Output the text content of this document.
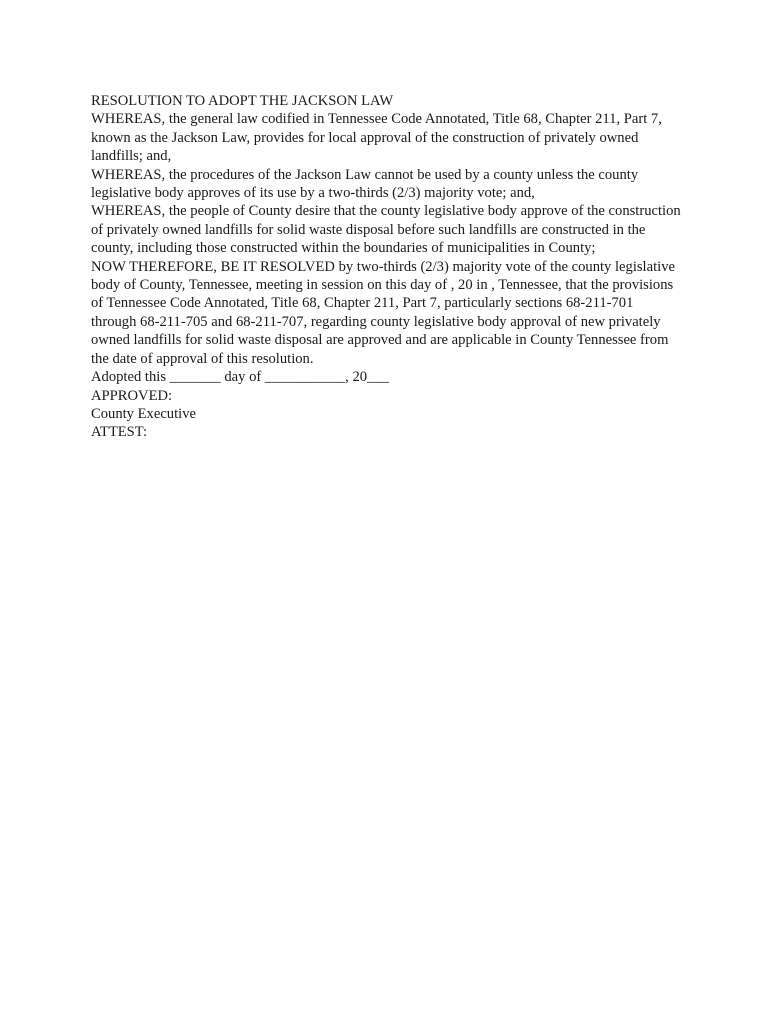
RESOLUTION TO ADOPT THE JACKSON LAW

WHEREAS, the general law codified in Tennessee Code Annotated, Title 68, Chapter 211, Part 7, known as the Jackson Law, provides for local approval of the construction of privately owned landfills; and,

WHEREAS, the procedures of the Jackson Law cannot be used by a county unless the county legislative body approves of its use by a two-thirds (2/3) majority vote; and,

WHEREAS, the people of County desire that the county legislative body approve of the construction of privately owned landfills for solid waste disposal before such landfills are constructed in the county, including those constructed within the boundaries of municipalities in County;

NOW THEREFORE, BE IT RESOLVED by two-thirds (2/3) majority vote of the county legislative body of County, Tennessee, meeting in session on this day of , 20 in , Tennessee, that the provisions of Tennessee Code Annotated, Title 68, Chapter 211, Part 7, particularly sections 68-211-701 through 68-211-705 and 68-211-707, regarding county legislative body approval of new privately owned landfills for solid waste disposal are approved and are applicable in County Tennessee from the date of approval of this resolution.

Adopted this _______ day of ___________, 20___

APPROVED:

County Executive

ATTEST:
